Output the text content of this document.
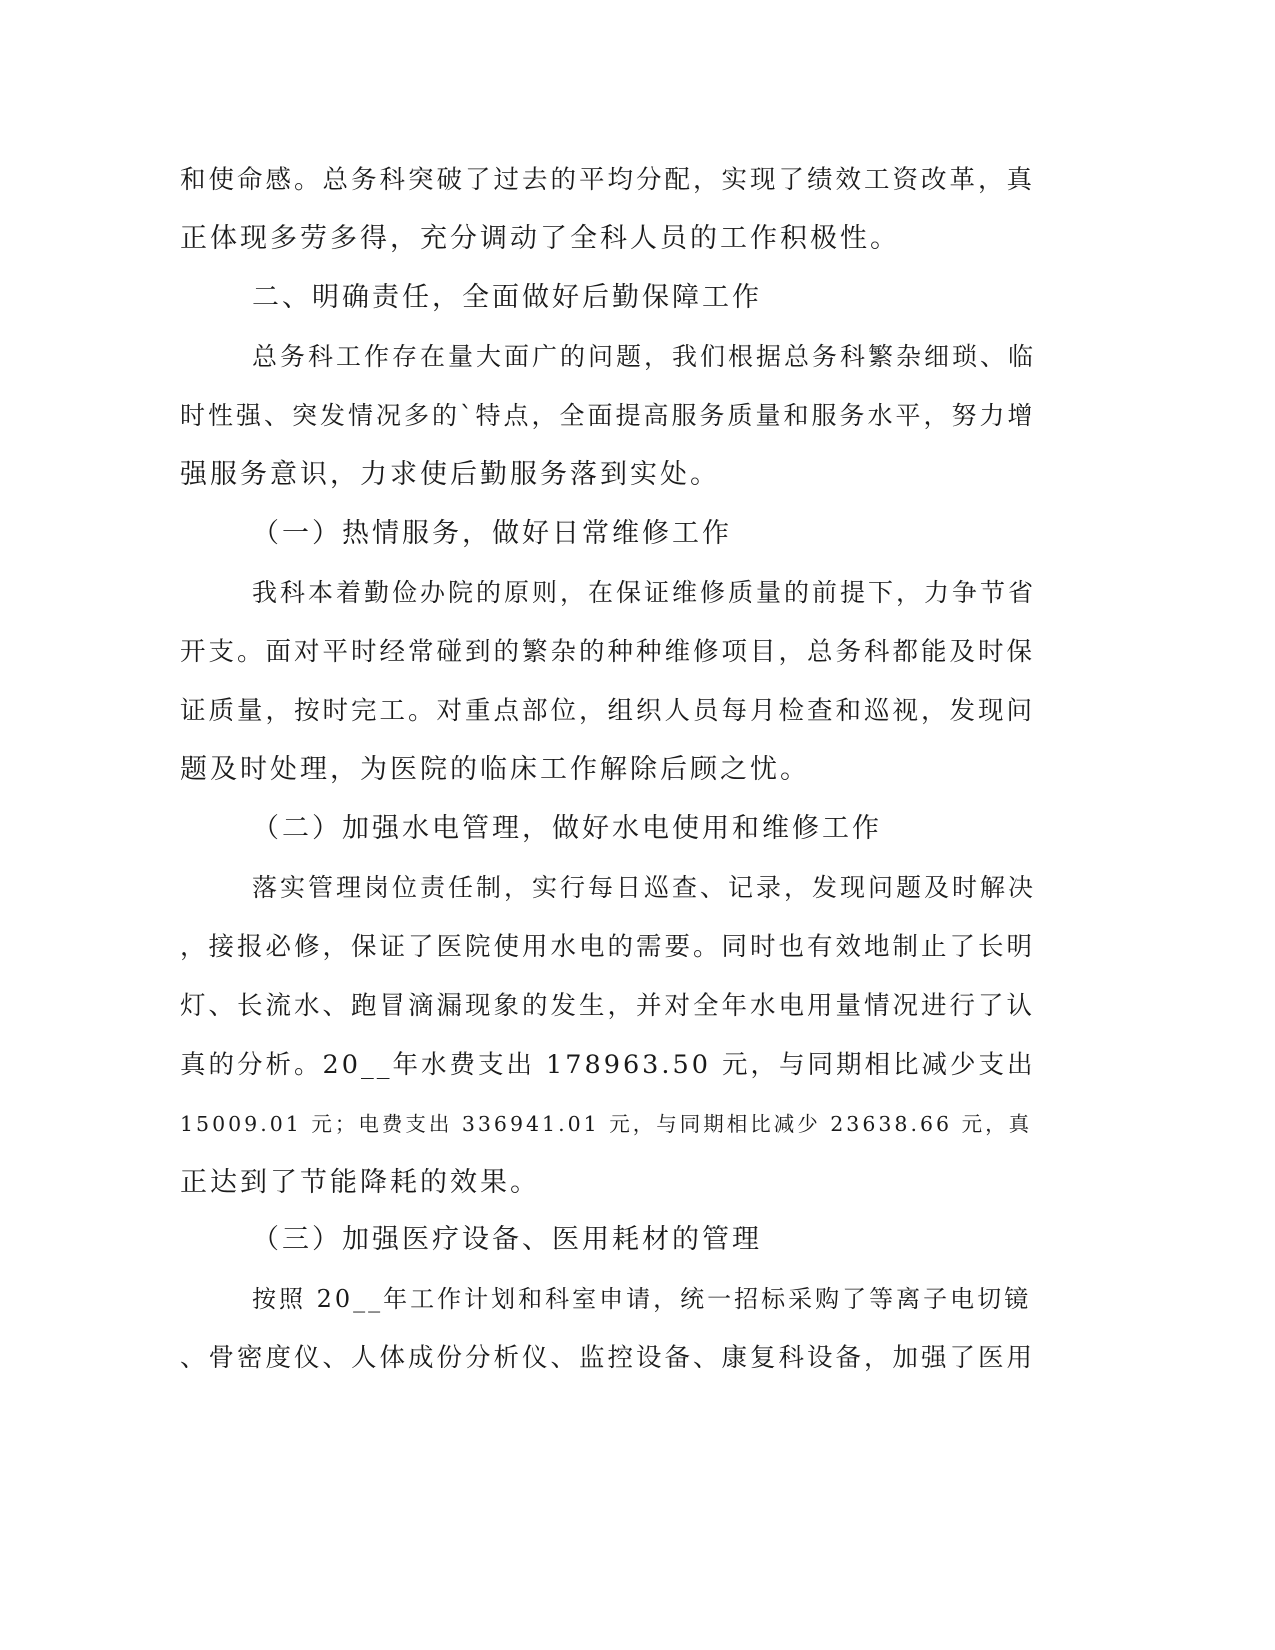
和使命感。总务科突破了过去的平均分配，实现了绩效工资改革，真
正体现多劳多得，充分调动了全科人员的工作积极性。
二、明确责任，全面做好后勤保障工作
总务科工作存在量大面广的问题，我们根据总务科繁杂细琐、临
时性强、突发情况多的`特点，全面提高服务质量和服务水平，努力增
强服务意识，力求使后勤服务落到实处。
（一）热情服务，做好日常维修工作
我科本着勤俭办院的原则，在保证维修质量的前提下，力争节省
开支。面对平时经常碰到的繁杂的种种维修项目，总务科都能及时保
证质量，按时完工。对重点部位，组织人员每月检查和巡视，发现问
题及时处理，为医院的临床工作解除后顾之忧。
（二）加强水电管理，做好水电使用和维修工作
落实管理岗位责任制，实行每日巡查、记录，发现问题及时解决
，接报必修，保证了医院使用水电的需要。同时也有效地制止了长明
灯、长流水、跑冒滴漏现象的发生，并对全年水电用量情况进行了认
真的分析。20__年水费支出 178963.50 元，与同期相比减少支出
15009.01 元；电费支出 336941.01 元，与同期相比减少 23638.66 元，真
正达到了节能降耗的效果。
（三）加强医疗设备、医用耗材的管理
按照 20__年工作计划和科室申请，统一招标采购了等离子电切镜
、骨密度仪、人体成份分析仪、监控设备、康复科设备，加强了医用
